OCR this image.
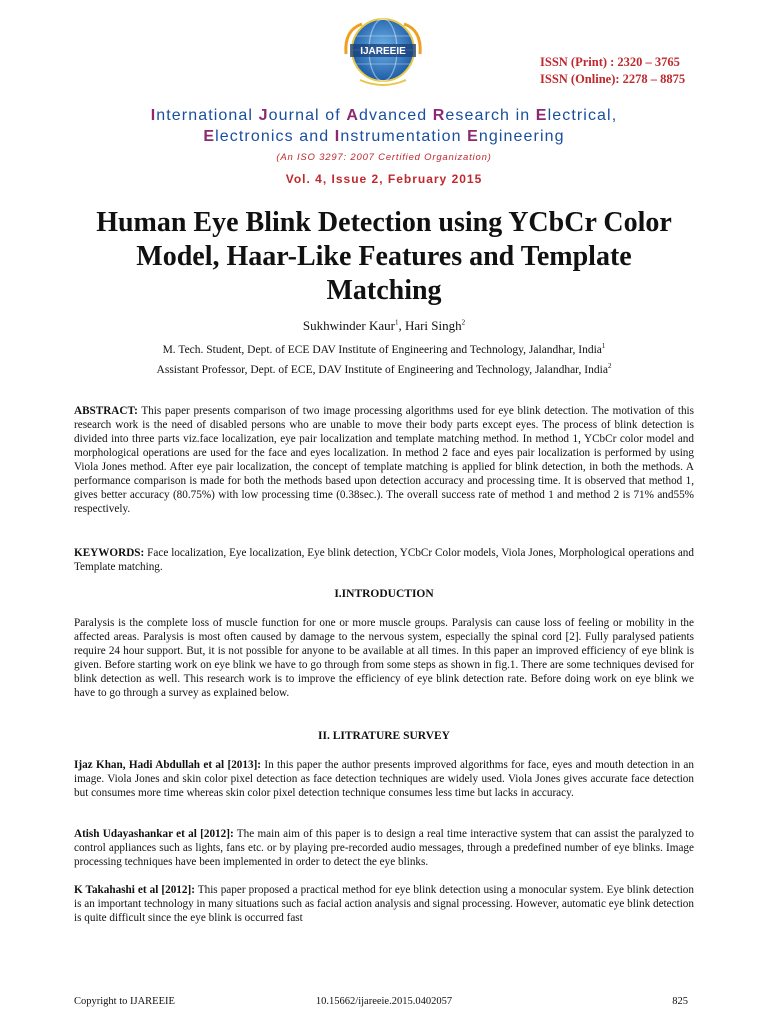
IJAREEIE
ISSN (Print) : 2320 – 3765
ISSN (Online): 2278 – 8875
International Journal of Advanced Research in Electrical,
Electronics and Instrumentation Engineering
(An ISO 3297: 2007 Certified Organization)
Vol. 4, Issue 2, February 2015
Human Eye Blink Detection using YCbCr Color Model, Haar-Like Features and Template Matching
Sukhwinder Kaur$^1$, Hari Singh$^2$
M. Tech. Student, Dept. of ECE DAV Institute of Engineering and Technology, Jalandhar, India$^1$
Assistant Professor, Dept. of ECE, DAV Institute of Engineering and Technology, Jalandhar, India$^2$

ABSTRACT: This paper presents comparison of two image processing algorithms used for eye blink detection. The motivation of this research work is the need of disabled persons who are unable to move their body parts except eyes. The process of blink detection is divided into three parts viz.face localization, eye pair localization and template matching method. In method 1, YCbCr color model and morphological operations are used for the face and eyes localization. In method 2 face and eyes pair localization is performed by using Viola Jones method. After eye pair localization, the concept of template matching is applied for blink detection, in both the methods. A performance comparison is made for both the methods based upon detection accuracy and processing time. It is observed that method 1, gives better accuracy (80.75%) with low processing time (0.38sec.). The overall success rate of method 1 and method 2 is 71% and55% respectively.

KEYWORDS: Face localization, Eye localization, Eye blink detection, YCbCr Color models, Viola Jones, Morphological operations and Template matching.

I.INTRODUCTION

Paralysis is the complete loss of muscle function for one or more muscle groups. Paralysis can cause loss of feeling or mobility in the affected areas. Paralysis is most often caused by damage to the nervous system, especially the spinal cord [2]. Fully paralysed patients require 24 hour support. But, it is not possible for anyone to be available at all times. In this paper an improved efficiency of eye blink is given. Before starting work on eye blink we have to go through from some steps as shown in fig.1. There are some techniques devised for blink detection as well. This research work is to improve the efficiency of eye blink detection rate. Before doing work on eye blink we have to go through a survey as explained below.

II. LITRATURE SURVEY

Ijaz Khan, Hadi Abdullah et al [2013]: In this paper the author presents improved algorithms for face, eyes and mouth detection in an image. Viola Jones and skin color pixel detection as face detection techniques are widely used. Viola Jones gives accurate face detection but consumes more time whereas skin color pixel detection technique consumes less time but lacks in accuracy.

Atish Udayashankar et al [2012]: The main aim of this paper is to design a real time interactive system that can assist the paralyzed to control appliances such as lights, fans etc. or by playing pre-recorded audio messages, through a predefined number of eye blinks. Image processing techniques have been implemented in order to detect the eye blinks.

K Takahashi et al [2012]: This paper proposed a practical method for eye blink detection using a monocular system. Eye blink detection is an important technology in many situations such as facial action analysis and signal processing. However, automatic eye blink detection is quite difficult since the eye blink is occurred fast

Copyright to IJAREEIE	10.15662/ijareeie.2015.0402057	825
